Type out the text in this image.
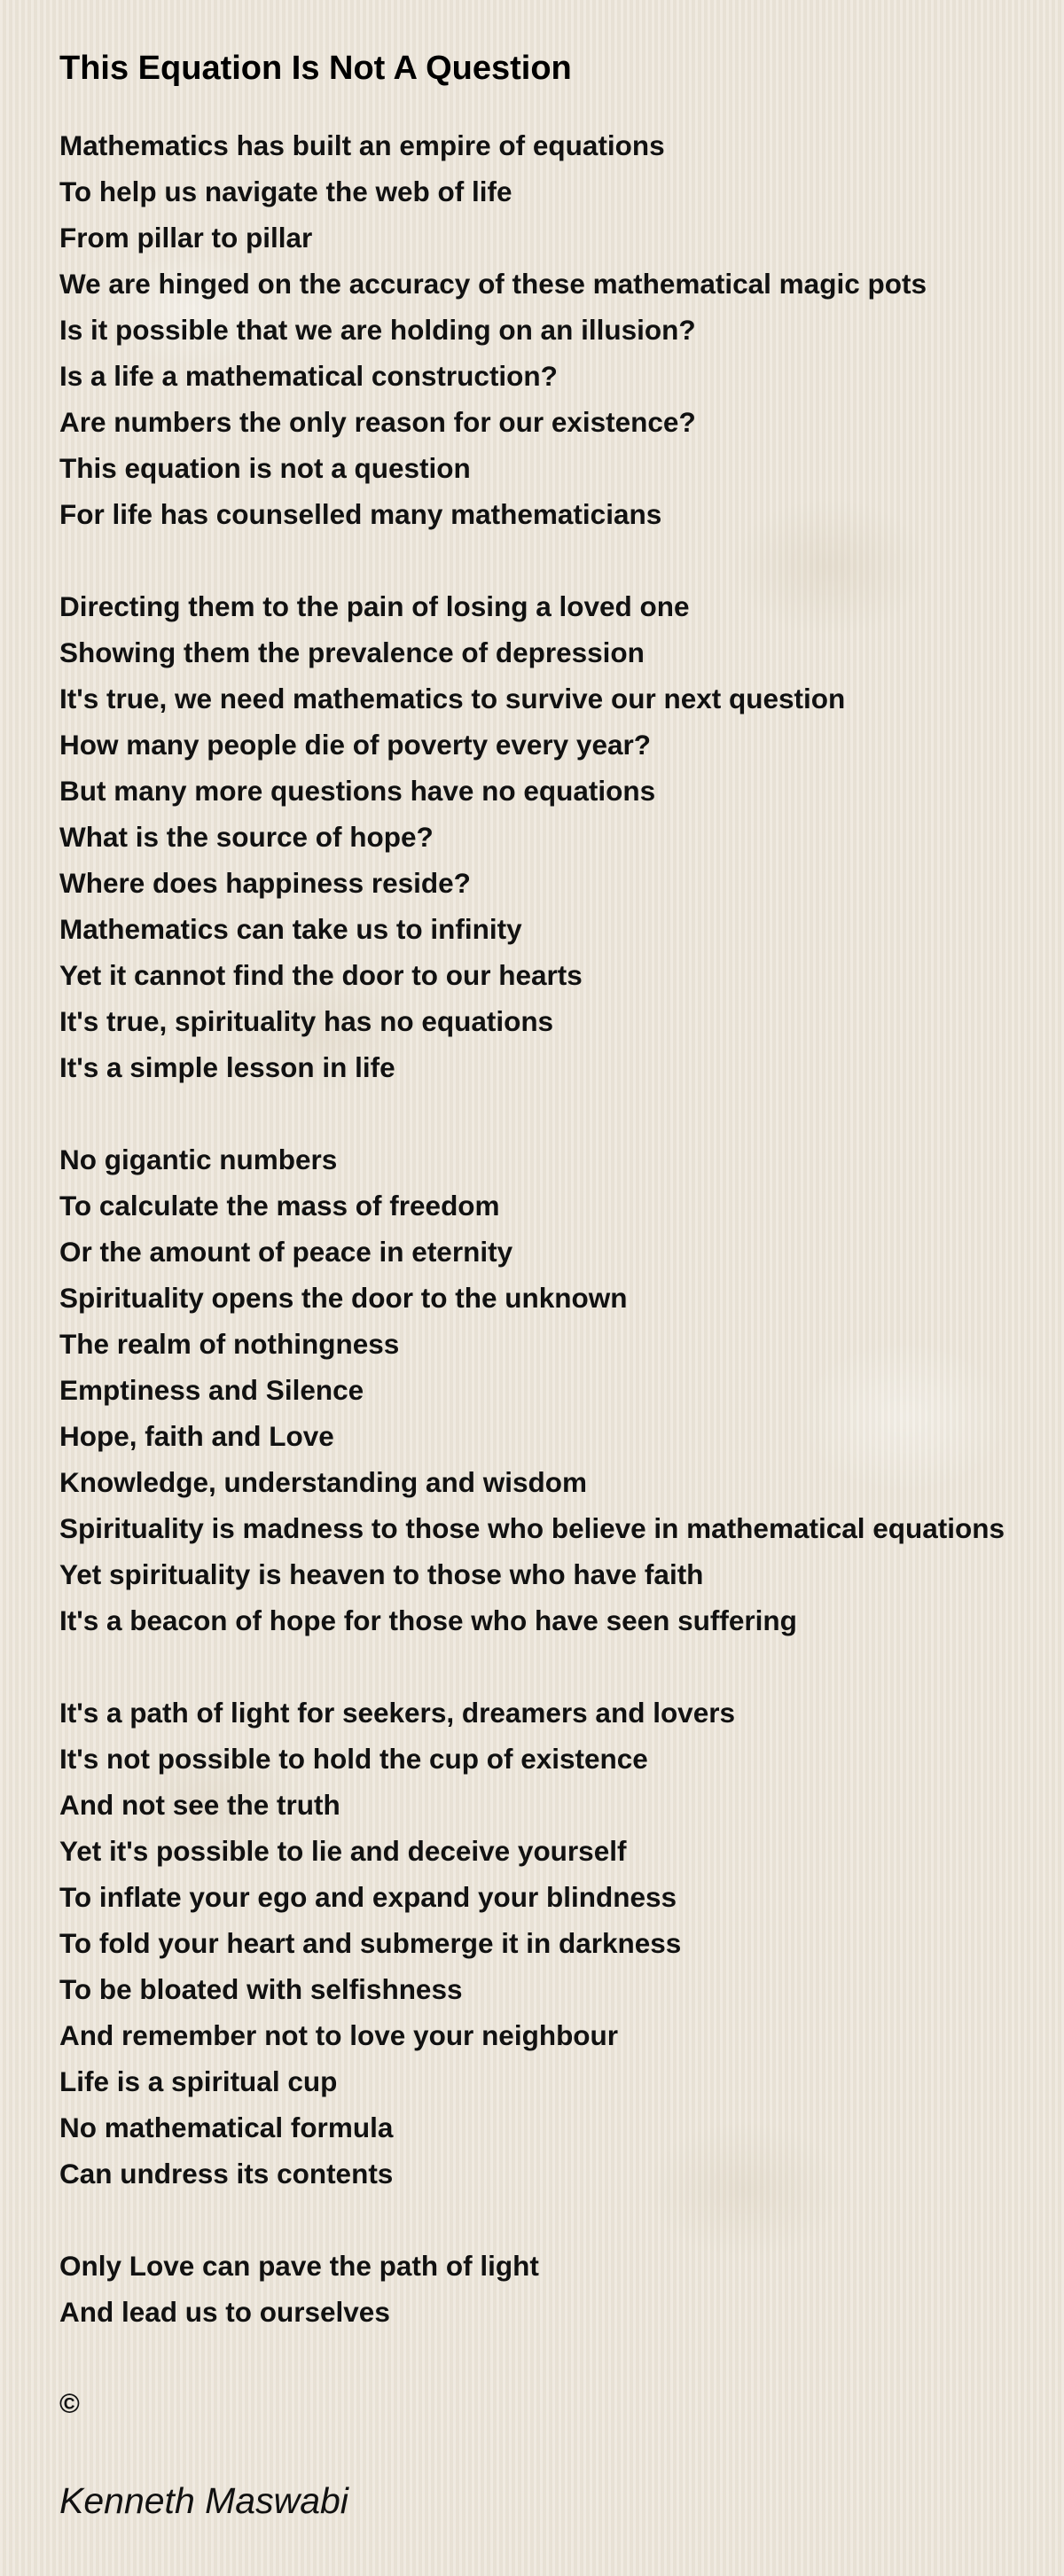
This Equation Is Not A Question
Mathematics has built an empire of equations
To help us navigate the web of life
From pillar to pillar
We are hinged on the accuracy of these mathematical magic pots
Is it possible that we are holding on an illusion?
Is a life a mathematical construction?
Are numbers the only reason for our existence?
This equation is not a question
For life has counselled many mathematicians
Directing them to the pain of losing a loved one
Showing them the prevalence of depression
It's true, we need mathematics to survive our next question
How many people die of poverty every year?
But many more questions have no equations
What is the source of hope?
Where does happiness reside?
Mathematics can take us to infinity
Yet it cannot find the door to our hearts
It's true, spirituality has no equations
It's a simple lesson in life
No gigantic numbers
To calculate the mass of freedom
Or the amount of peace in eternity
Spirituality opens the door to the unknown
The realm of nothingness
Emptiness and Silence
Hope, faith and Love
Knowledge, understanding and wisdom
Spirituality is madness to those who believe in mathematical equations
Yet spirituality is heaven to those who have faith
It's a beacon of hope for those who have seen suffering
It's a path of light for seekers, dreamers and lovers
It's not possible to hold the cup of existence
And not see the truth
Yet it's possible to lie and deceive yourself
To inflate your ego and expand your blindness
To fold your heart and submerge it in darkness
To be bloated with selfishness
And remember not to love your neighbour
Life is a spiritual cup
No mathematical formula
Can undress its contents
Only Love can pave the path of light
And lead us to ourselves
©
Kenneth Maswabi
